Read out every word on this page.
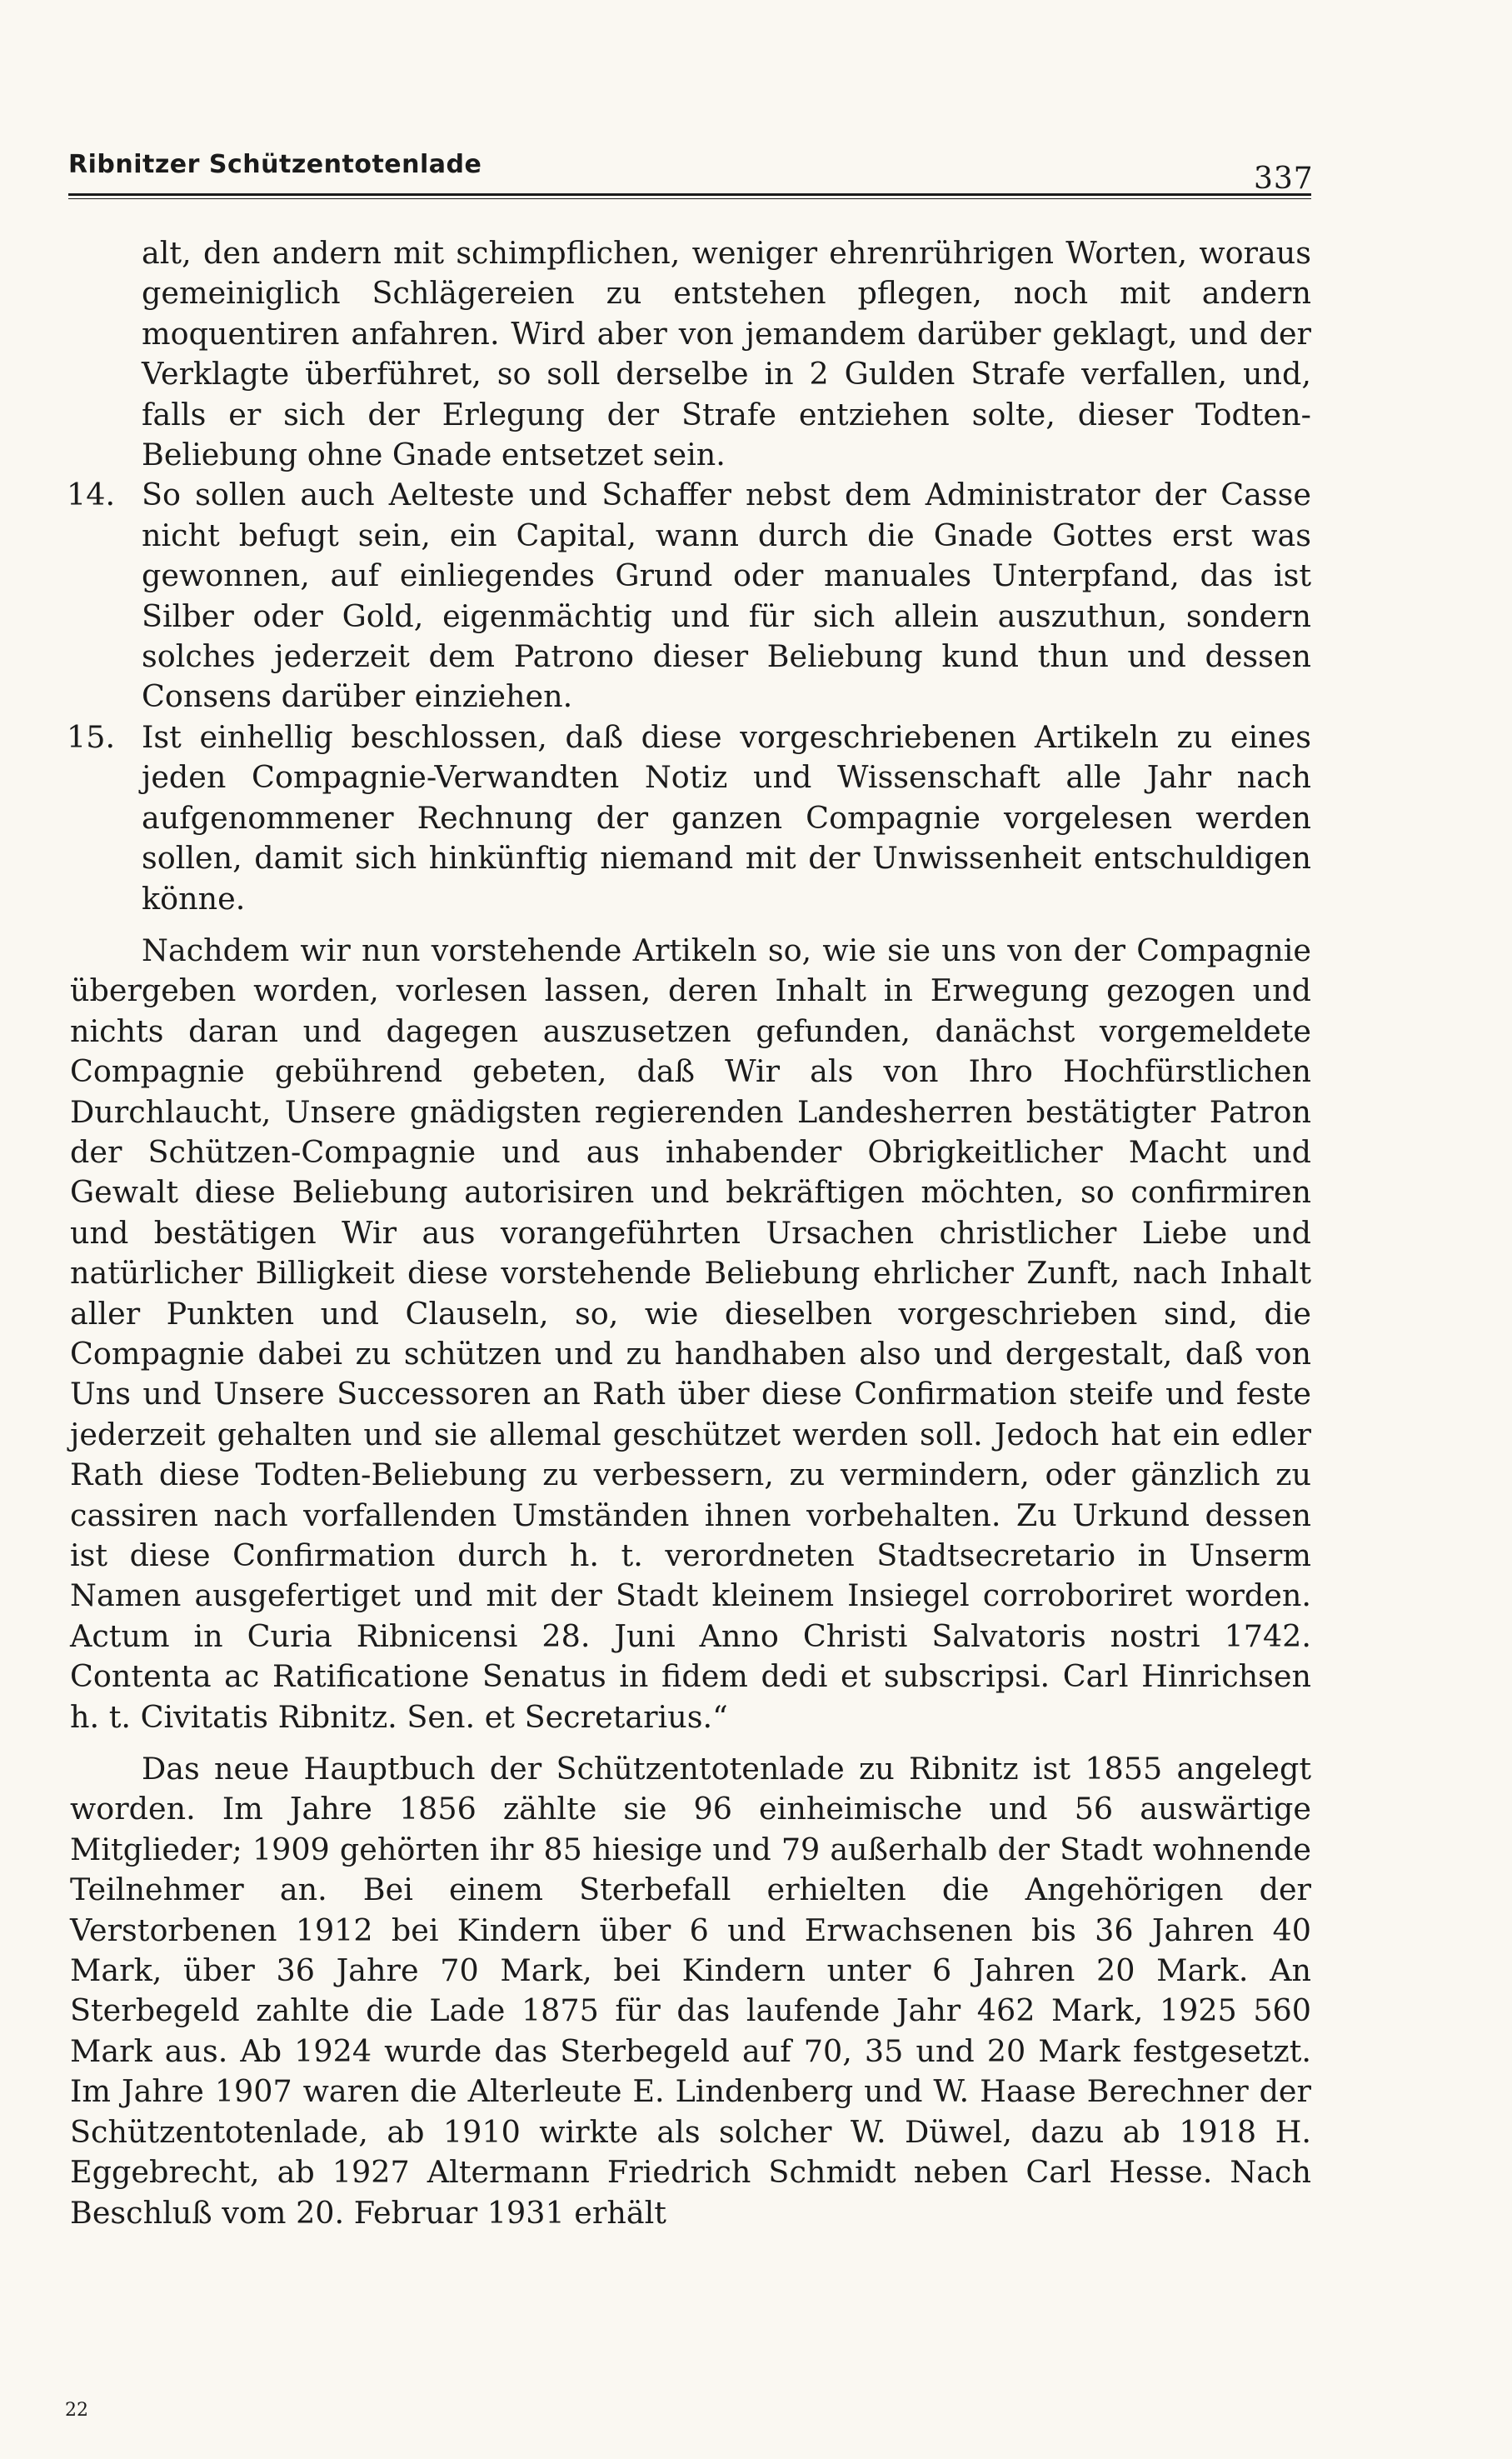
Ribnitzer Schützentotenlade	337

alt, den andern mit schimpflichen, weniger ehrenrührigen Worten, woraus gemeiniglich Schlägereien zu entstehen pflegen, noch mit andern moquentiren anfahren. Wird aber von jemandem darüber geklagt, und der Verklagte überführet, so soll derselbe in 2 Gulden Strafe verfallen, und, falls er sich der Erlegung der Strafe entziehen solte, dieser Todten-Beliebung ohne Gnade entsetzet sein.

14. So sollen auch Aelteste und Schaffer nebst dem Administrator der Casse nicht befugt sein, ein Capital, wann durch die Gnade Gottes erst was gewonnen, auf einliegendes Grund oder manuales Unterpfand, das ist Silber oder Gold, eigenmächtig und für sich allein auszuthun, sondern solches jederzeit dem Patrono dieser Beliebung kund thun und dessen Consens darüber einziehen.

15. Ist einhellig beschlossen, daß diese vorgeschriebenen Artikeln zu eines jeden Compagnie-Verwandten Notiz und Wissenschaft alle Jahr nach aufgenommener Rechnung der ganzen Compagnie vorgelesen werden sollen, damit sich hinkünftig niemand mit der Unwissenheit entschuldigen könne.

Nachdem wir nun vorstehende Artikeln so, wie sie uns von der Compagnie übergeben worden, vorlesen lassen, deren Inhalt in Erwegung gezogen und nichts daran und dagegen auszusetzen gefunden, danächst vorgemeldete Compagnie gebührend gebeten, daß Wir als von Ihro Hochfürstlichen Durchlaucht, Unsere gnädigsten regierenden Landesherren bestätigter Patron der Schützen-Compagnie und aus inhabender Obrigkeitlicher Macht und Gewalt diese Beliebung autorisiren und bekräftigen möchten, so confirmiren und bestätigen Wir aus vorangeführten Ursachen christlicher Liebe und natürlicher Billigkeit diese vorstehende Beliebung ehrlicher Zunft, nach Inhalt aller Punkten und Clauseln, so, wie dieselben vorgeschrieben sind, die Compagnie dabei zu schützen und zu handhaben also und dergestalt, daß von Uns und Unsere Successoren an Rath über diese Confirmation steife und feste jederzeit gehalten und sie allemal geschützet werden soll. Jedoch hat ein edler Rath diese Todten-Beliebung zu verbessern, zu vermindern, oder gänzlich zu cassiren nach vorfallenden Umständen ihnen vorbehalten. Zu Urkund dessen ist diese Confirmation durch h. t. verordneten Stadtsecretario in Unserm Namen ausgefertiget und mit der Stadt kleinem Insiegel corroboriret worden. Actum in Curia Ribnicensi 28. Juni Anno Christi Salvatoris nostri 1742. Contenta ac Ratificatione Senatus in fidem dedi et subscripsi. Carl Hinrichsen h. t. Civitatis Ribnitz. Sen. et Secretarius.“

Das neue Hauptbuch der Schützentotenlade zu Ribnitz ist 1855 angelegt worden. Im Jahre 1856 zählte sie 96 einheimische und 56 auswärtige Mitglieder; 1909 gehörten ihr 85 hiesige und 79 außerhalb der Stadt wohnende Teilnehmer an. Bei einem Sterbefall erhielten die Angehörigen der Verstorbenen 1912 bei Kindern über 6 und Erwachsenen bis 36 Jahren 40 Mark, über 36 Jahre 70 Mark, bei Kindern unter 6 Jahren 20 Mark. An Sterbegeld zahlte die Lade 1875 für das laufende Jahr 462 Mark, 1925 560 Mark aus. Ab 1924 wurde das Sterbegeld auf 70, 35 und 20 Mark festgesetzt. Im Jahre 1907 waren die Alterleute E. Lindenberg und W. Haase Berechner der Schützentotenlade, ab 1910 wirkte als solcher W. Düwel, dazu ab 1918 H. Eggebrecht, ab 1927 Altermann Friedrich Schmidt neben Carl Hesse. Nach Beschluß vom 20. Februar 1931 erhält

22
